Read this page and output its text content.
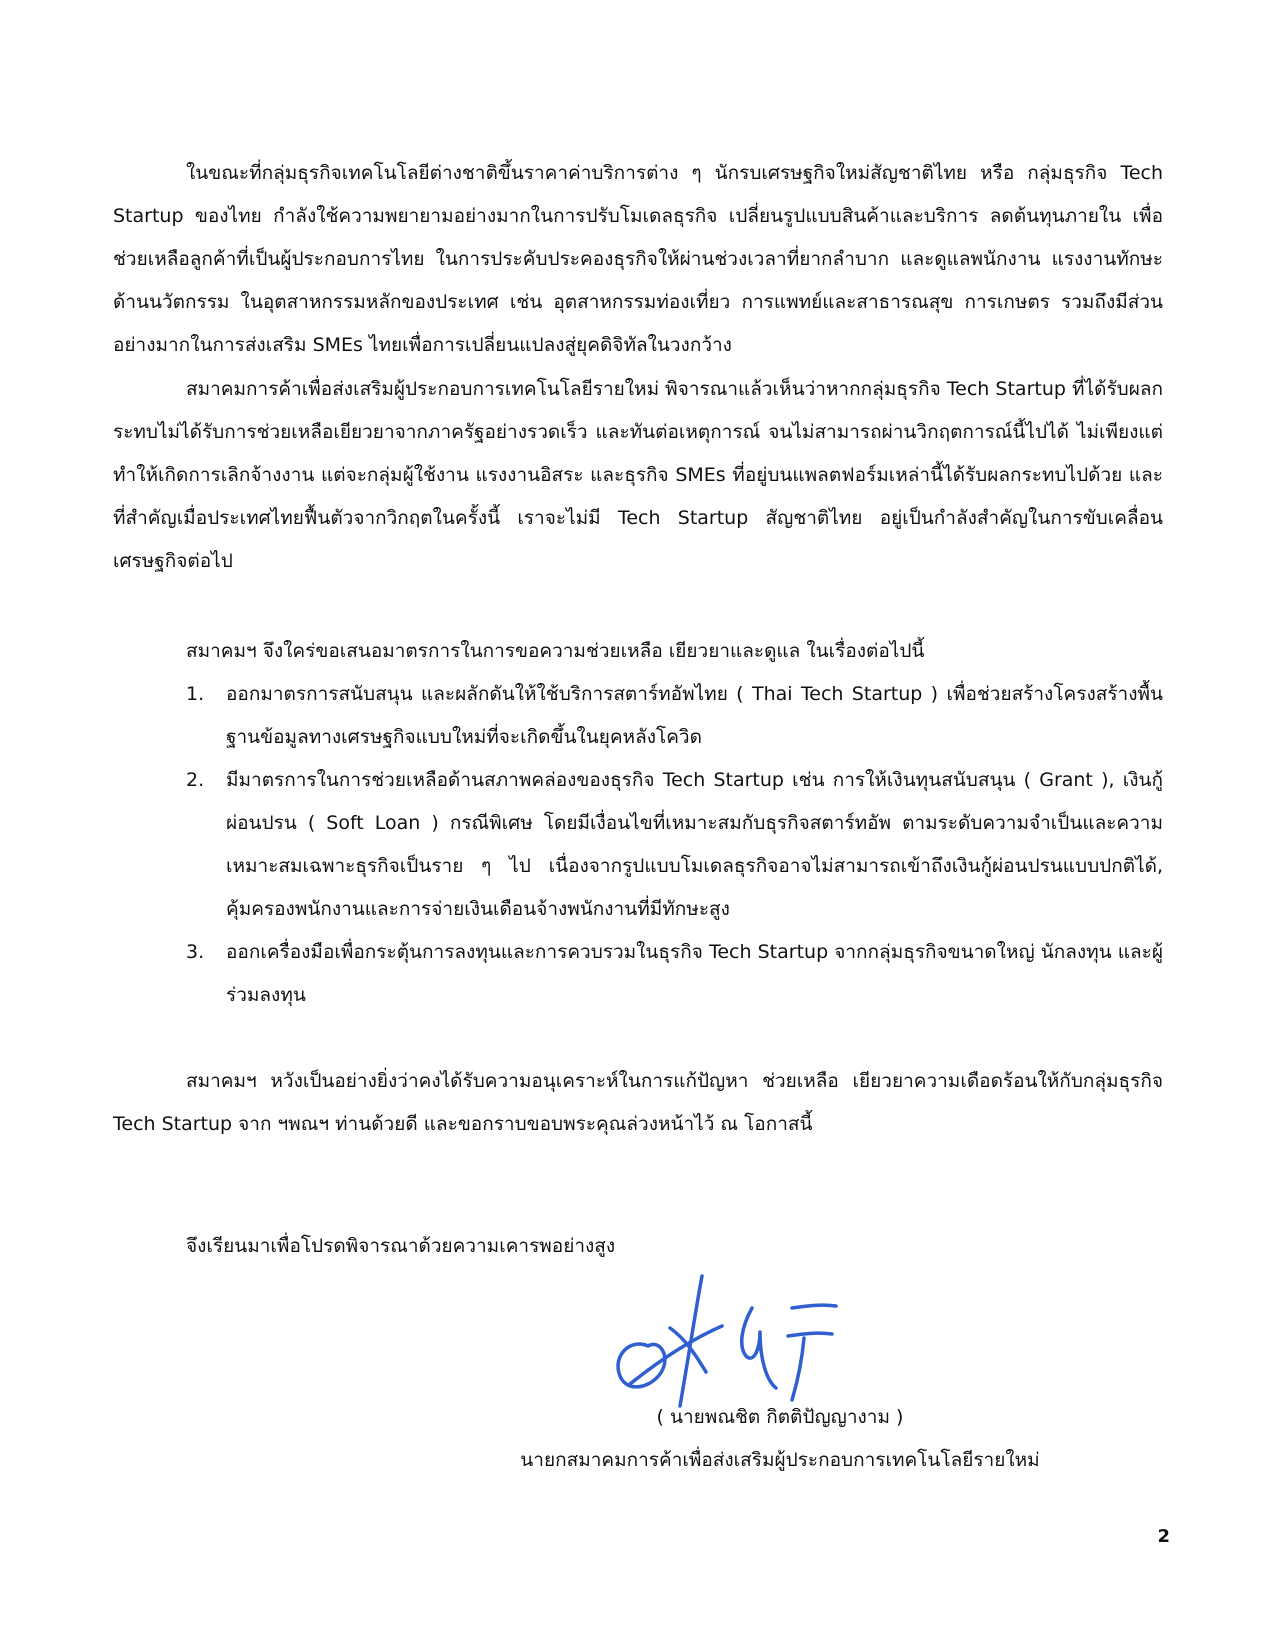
ในขณะที่กลุ่มธุรกิจเทคโนโลยีต่างชาติขึ้นราคาค่าบริการต่าง ๆ นักรบเศรษฐกิจใหม่สัญชาติไทย หรือ กลุ่มธุรกิจ Tech Startup ของไทย กำลังใช้ความพยายามอย่างมากในการปรับโมเดลธุรกิจ เปลี่ยนรูปแบบสินค้าและบริการ ลดต้นทุนภายใน เพื่อช่วยเหลือลูกค้าที่เป็นผู้ประกอบการไทย ในการประคับประคองธุรกิจให้ผ่านช่วงเวลาที่ยากลำบาก และดูแลพนักงาน แรงงานทักษะด้านนวัตกรรม ในอุตสาหกรรมหลักของประเทศ เช่น อุตสาหกรรมท่องเที่ยว การแพทย์และสาธารณสุข การเกษตร รวมถึงมีส่วนอย่างมากในการส่งเสริม SMEs ไทยเพื่อการเปลี่ยนแปลงสู่ยุคดิจิทัลในวงกว้าง

สมาคมการค้าเพื่อส่งเสริมผู้ประกอบการเทคโนโลยีรายใหม่ พิจารณาแล้วเห็นว่าหากกลุ่มธุรกิจ Tech Startup ที่ได้รับผลกระทบไม่ได้รับการช่วยเหลือเยียวยาจากภาครัฐอย่างรวดเร็ว และทันต่อเหตุการณ์ จนไม่สามารถผ่านวิกฤตการณ์นี้ไปได้ ไม่เพียงแต่ทำให้เกิดการเลิกจ้างงาน แต่จะกลุ่มผู้ใช้งาน แรงงานอิสระ และธุรกิจ SMEs ที่อยู่บนแพลตฟอร์มเหล่านี้ได้รับผลกระทบไปด้วย และที่สำคัญเมื่อประเทศไทยฟื้นตัวจากวิกฤตในครั้งนี้ เราจะไม่มี Tech Startup สัญชาติไทย อยู่เป็นกำลังสำคัญในการขับเคลื่อนเศรษฐกิจต่อไป

สมาคมฯ จึงใคร่ขอเสนอมาตรการในการขอความช่วยเหลือ เยียวยาและดูแล ในเรื่องต่อไปนี้

1. ออกมาตรการสนับสนุน และผลักดันให้ใช้บริการสตาร์ทอัพไทย ( Thai Tech Startup ) เพื่อช่วยสร้างโครงสร้างพื้นฐานข้อมูลทางเศรษฐกิจแบบใหม่ที่จะเกิดขึ้นในยุคหลังโควิด
2. มีมาตรการในการช่วยเหลือด้านสภาพคล่องของธุรกิจ Tech Startup เช่น การให้เงินทุนสนับสนุน ( Grant ), เงินกู้ผ่อนปรน ( Soft Loan ) กรณีพิเศษ โดยมีเงื่อนไขที่เหมาะสมกับธุรกิจสตาร์ทอัพ ตามระดับความจำเป็นและความเหมาะสมเฉพาะธุรกิจเป็นราย ๆ ไป เนื่องจากรูปแบบโมเดลธุรกิจอาจไม่สามารถเข้าถึงเงินกู้ผ่อนปรนแบบปกติได้, คุ้มครองพนักงานและการจ่ายเงินเดือนจ้างพนักงานที่มีทักษะสูง
3. ออกเครื่องมือเพื่อกระตุ้นการลงทุนและการควบรวมในธุรกิจ Tech Startup จากกลุ่มธุรกิจขนาดใหญ่ นักลงทุน และผู้ร่วมลงทุน

สมาคมฯ หวังเป็นอย่างยิ่งว่าคงได้รับความอนุเคราะห์ในการแก้ปัญหา ช่วยเหลือ เยียวยาความเดือดร้อนให้กับกลุ่มธุรกิจ Tech Startup จาก ฯพณฯ ท่านด้วยดี และขอกราบขอบพระคุณล่วงหน้าไว้ ณ โอกาสนี้

จึงเรียนมาเพื่อโปรดพิจารณาด้วยความเคารพอย่างสูง

( นายพณชิต กิตติปัญญางาม )

นายกสมาคมการค้าเพื่อส่งเสริมผู้ประกอบการเทคโนโลยีรายใหม่

2
